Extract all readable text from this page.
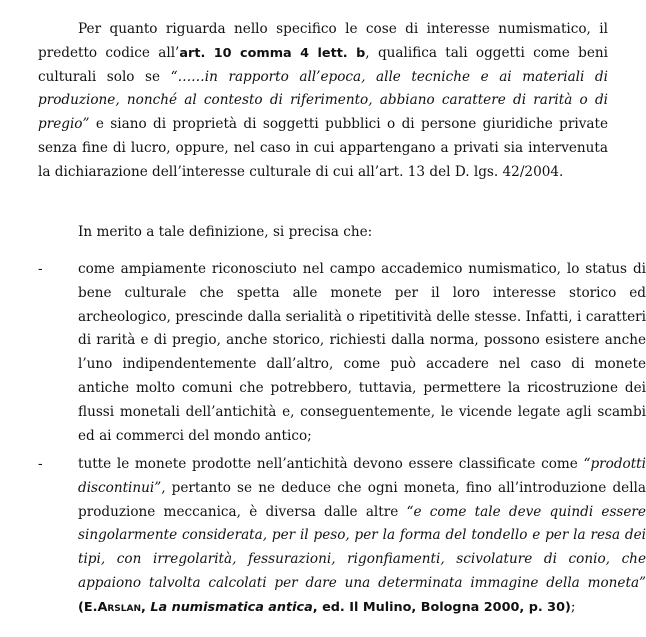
Per quanto riguarda nello specifico le cose di interesse numismatico, il predetto codice all’art. 10 comma 4 lett. b, qualifica tali oggetti come beni culturali solo se “……in rapporto all’epoca, alle tecniche e ai materiali di produzione, nonché al contesto di riferimento, abbiano carattere di rarità o di pregio” e siano di proprietà di soggetti pubblici o di persone giuridiche private senza fine di lucro, oppure, nel caso in cui appartengano a privati sia intervenuta la dichiarazione dell’interesse culturale di cui all’art. 13 del D. lgs. 42/2004.

In merito a tale definizione, si precisa che:

-	come ampiamente riconosciuto nel campo accademico numismatico, lo status di bene culturale che spetta alle monete per il loro interesse storico ed archeologico, prescinde dalla serialità o ripetitività delle stesse. Infatti, i caratteri di rarità e di pregio, anche storico, richiesti dalla norma, possono esistere anche l’uno indipendentemente dall’altro, come può accadere nel caso di monete antiche molto comuni che potrebbero, tuttavia, permettere la ricostruzione dei flussi monetali dell’antichità e, conseguentemente, le vicende legate agli scambi ed ai commerci del mondo antico;

-	tutte le monete prodotte nell’antichità devono essere classificate come “prodotti discontinui”, pertanto se ne deduce che ogni moneta, fino all’introduzione della produzione meccanica, è diversa dalle altre “e come tale deve quindi essere singolarmente considerata, per il peso, per la forma del tondello e per la resa dei tipi, con irregolarità, fessurazioni, rigonfiamenti, scivolature di conio, che appaiono talvolta calcolati per dare una determinata immagine della moneta” (E.Arslan, La numismatica antica, ed. Il Mulino, Bologna 2000, p. 30);
